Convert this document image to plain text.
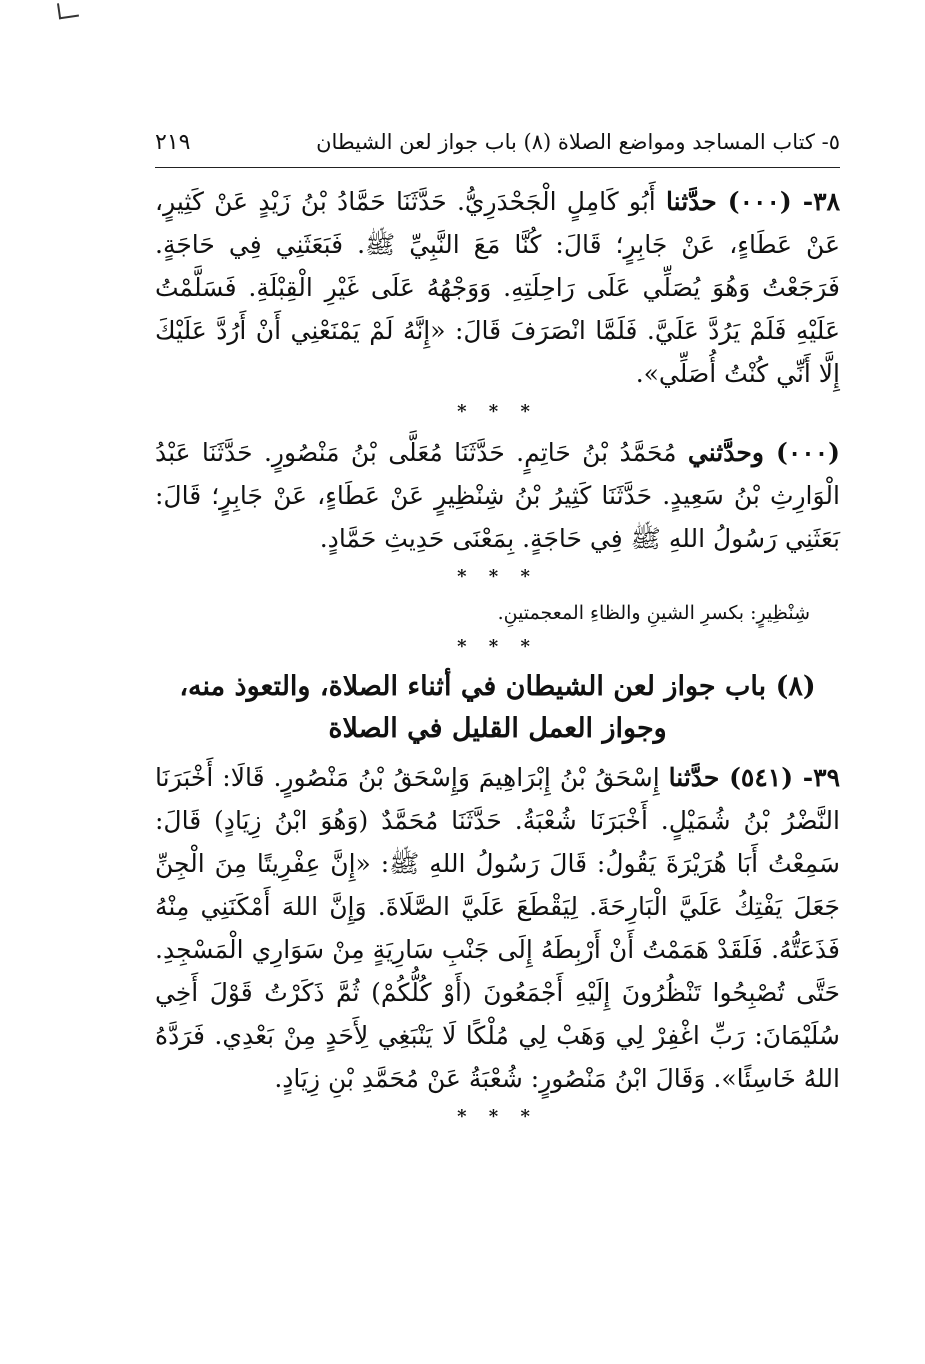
٥- كتاب المساجد ومواضع الصلاة (٨) باب جواز لعن الشيطان
٢١٩

٣٨- (٠٠٠) حدَّثنا أَبُو كَامِلٍ الْجَحْدَرِيُّ. حَدَّثَنَا حَمَّادُ بْنُ زَيْدٍ عَنْ كَثِيرٍ، عَنْ عَطَاءٍ، عَنْ جَابِرٍ؛ قَالَ: كُنَّا مَعَ النَّبِيِّ ﷺ. فَبَعَثَنِي فِي حَاجَةٍ. فَرَجَعْتُ وَهُوَ يُصَلِّي عَلَى رَاحِلَتِهِ. وَوَجْهُهُ عَلَى غَيْرِ الْقِبْلَةِ. فَسَلَّمْتُ عَلَيْهِ فَلَمْ يَرُدَّ عَلَيَّ. فَلَمَّا انْصَرَفَ قَالَ: «إِنَّهُ لَمْ يَمْنَعْنِي أَنْ أَرُدَّ عَلَيْكَ إِلَّا أَنِّي كُنْتُ أُصَلِّي».

* * *

(٠٠٠) وحدَّثني مُحَمَّدُ بْنُ حَاتِمٍ. حَدَّثَنَا مُعَلَّى بْنُ مَنْصُورٍ. حَدَّثَنَا عَبْدُ الْوَارِثِ بْنُ سَعِيدٍ. حَدَّثَنَا كَثِيرُ بْنُ شِنْظِيرٍ عَنْ عَطَاءٍ، عَنْ جَابِرٍ؛ قَالَ: بَعَثَنِي رَسُولُ اللهِ ﷺ فِي حَاجَةٍ. بِمَعْنَى حَدِيثِ حَمَّادٍ.

* * *

شِنْظِيرٍ: بكسرِ الشينِ والظاءِ المعجمتينِ.

* * *
(٨) باب جواز لعن الشيطان في أثناء الصلاة، والتعوذ منه،
وجواز العمل القليل في الصلاة

٣٩- (٥٤١) حدَّثنا إِسْحَقُ بْنُ إِبْرَاهِيمَ وَإِسْحَقُ بْنُ مَنْصُورٍ. قَالَا: أَخْبَرَنَا النَّضْرُ بْنُ شُمَيْلٍ. أَخْبَرَنَا شُعْبَةُ. حَدَّثَنَا مُحَمَّدٌ (وَهُوَ ابْنُ زِيَادٍ) قَالَ: سَمِعْتُ أَبَا هُرَيْرَةَ يَقُولُ: قَالَ رَسُولُ اللهِ ﷺ: «إِنَّ عِفْرِيتًا مِنَ الْجِنِّ جَعَلَ يَفْتِكُ عَلَيَّ الْبَارِحَةَ. لِيَقْطَعَ عَلَيَّ الصَّلَاةَ. وَإِنَّ اللهَ أَمْكَنَنِي مِنْهُ فَذَعَتُّهُ. فَلَقَدْ هَمَمْتُ أَنْ أَرْبِطَهُ إِلَى جَنْبِ سَارِيَةٍ مِنْ سَوَارِي الْمَسْجِدِ. حَتَّى تُصْبِحُوا تَنْظُرُونَ إِلَيْهِ أَجْمَعُونَ (أَوْ كُلُّكُمْ) ثُمَّ ذَكَرْتُ قَوْلَ أَخِي سُلَيْمَانَ: رَبِّ اغْفِرْ لِي وَهَبْ لِي مُلْكًا لَا يَنْبَغِي لِأَحَدٍ مِنْ بَعْدِي. فَرَدَّهُ اللهُ خَاسِئًا». وَقَالَ ابْنُ مَنْصُورٍ: شُعْبَةُ عَنْ مُحَمَّدِ بْنِ زِيَادٍ.

* * *
